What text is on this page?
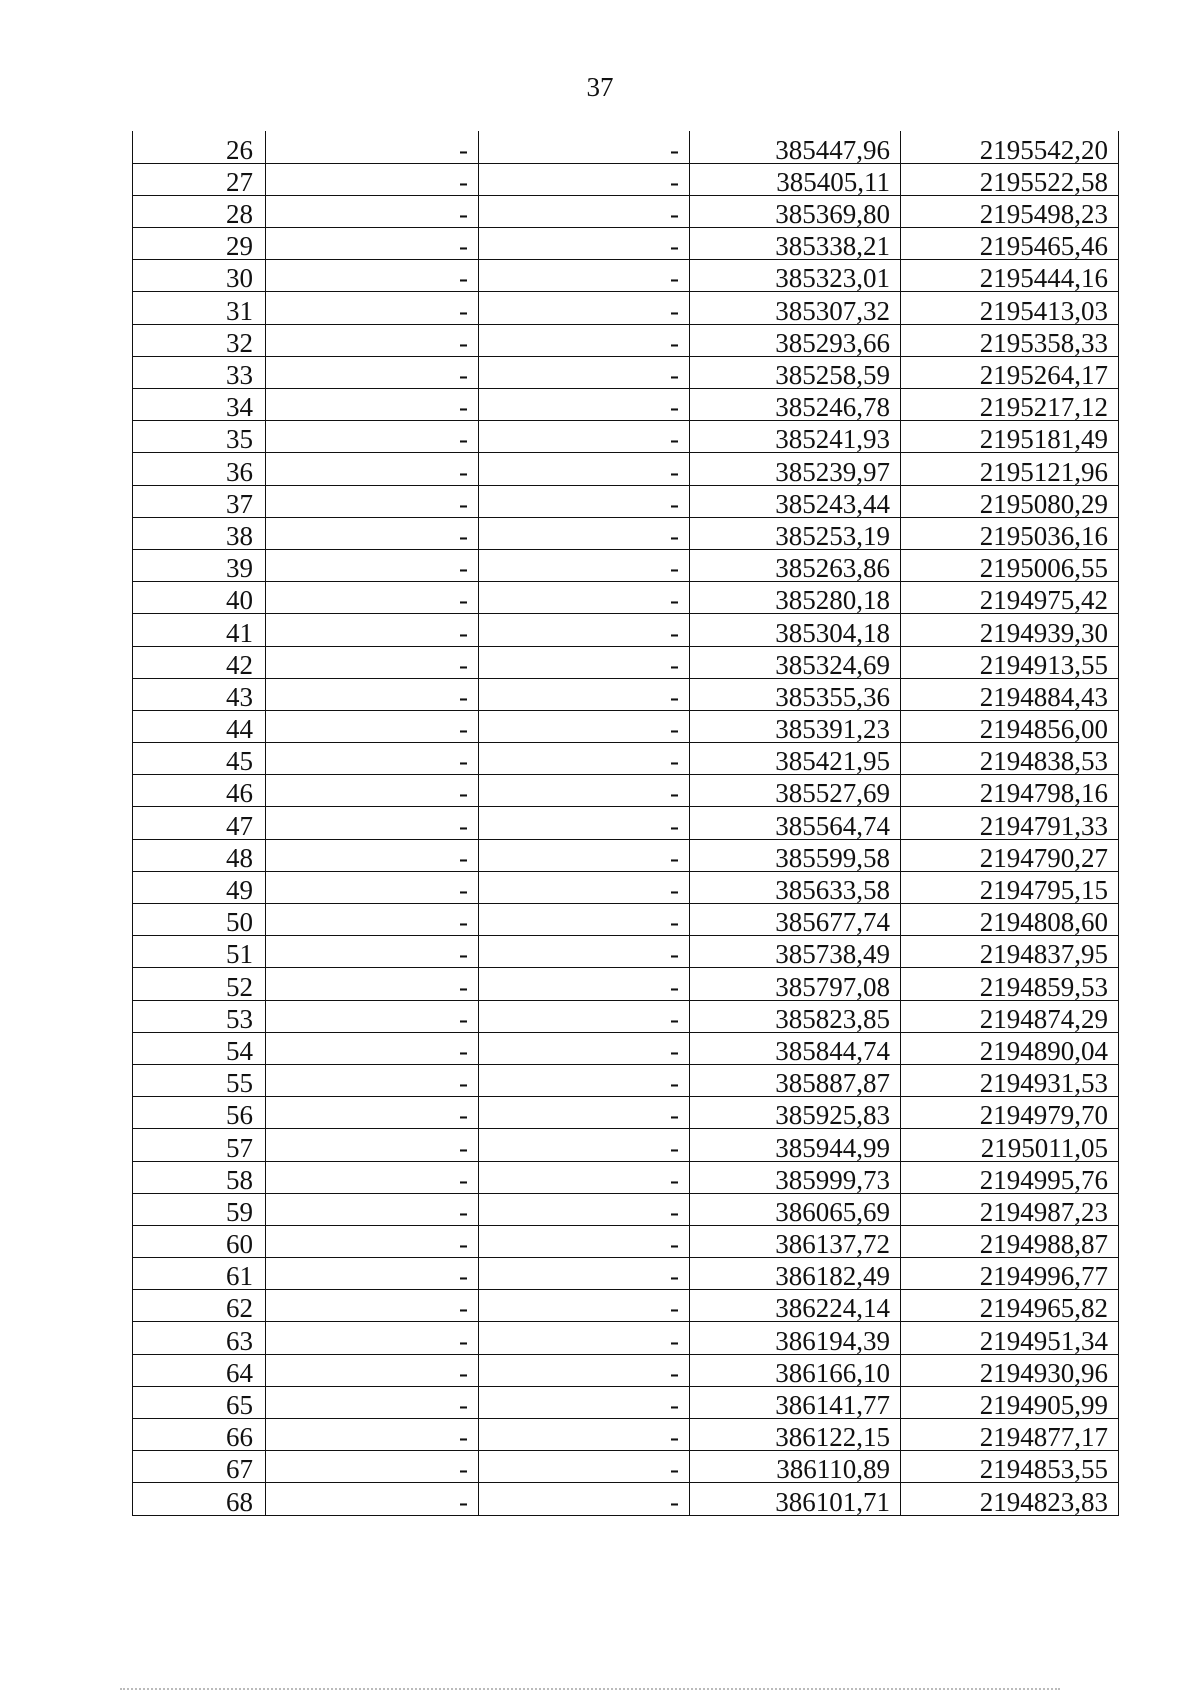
37
26	-	-	385447,96	2195542,20
27	-	-	385405,11	2195522,58
28	-	-	385369,80	2195498,23
29	-	-	385338,21	2195465,46
30	-	-	385323,01	2195444,16
31	-	-	385307,32	2195413,03
32	-	-	385293,66	2195358,33
33	-	-	385258,59	2195264,17
34	-	-	385246,78	2195217,12
35	-	-	385241,93	2195181,49
36	-	-	385239,97	2195121,96
37	-	-	385243,44	2195080,29
38	-	-	385253,19	2195036,16
39	-	-	385263,86	2195006,55
40	-	-	385280,18	2194975,42
41	-	-	385304,18	2194939,30
42	-	-	385324,69	2194913,55
43	-	-	385355,36	2194884,43
44	-	-	385391,23	2194856,00
45	-	-	385421,95	2194838,53
46	-	-	385527,69	2194798,16
47	-	-	385564,74	2194791,33
48	-	-	385599,58	2194790,27
49	-	-	385633,58	2194795,15
50	-	-	385677,74	2194808,60
51	-	-	385738,49	2194837,95
52	-	-	385797,08	2194859,53
53	-	-	385823,85	2194874,29
54	-	-	385844,74	2194890,04
55	-	-	385887,87	2194931,53
56	-	-	385925,83	2194979,70
57	-	-	385944,99	2195011,05
58	-	-	385999,73	2194995,76
59	-	-	386065,69	2194987,23
60	-	-	386137,72	2194988,87
61	-	-	386182,49	2194996,77
62	-	-	386224,14	2194965,82
63	-	-	386194,39	2194951,34
64	-	-	386166,10	2194930,96
65	-	-	386141,77	2194905,99
66	-	-	386122,15	2194877,17
67	-	-	386110,89	2194853,55
68	-	-	386101,71	2194823,83
